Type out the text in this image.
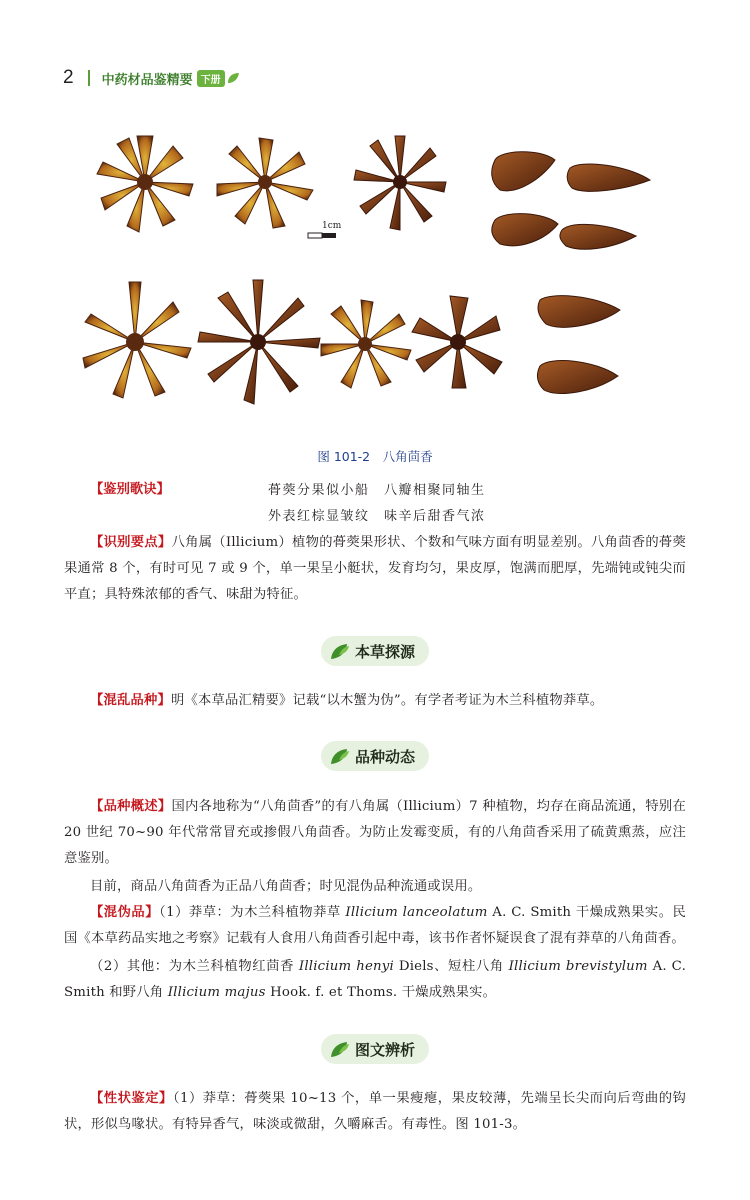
2 中药材品鉴精要 下册
1cm
图 101-2　八角茴香
【鉴别歌诀】	蓇葖分果似小船　八瓣相聚同轴生
外表红棕显皱纹　味辛后甜香气浓
【识别要点】八角属（Illicium）植物的蓇葖果形状、个数和气味方面有明显差别。八角茴香的蓇葖果通常 8 个，有时可见 7 或 9 个，单一果呈小艇状，发育均匀，果皮厚，饱满而肥厚，先端钝或钝尖而平直；具特殊浓郁的香气、味甜为特征。
本草探源
【混乱品种】明《本草品汇精要》记载“以木蟹为伪”。有学者考证为木兰科植物莽草。
品种动态
【品种概述】国内各地称为“八角茴香”的有八角属（Illicium）7 种植物，均存在商品流通，特别在 20 世纪 70~90 年代常常冒充或掺假八角茴香。为防止发霉变质，有的八角茴香采用了硫黄熏蒸，应注意鉴别。
目前，商品八角茴香为正品八角茴香；时见混伪品种流通或误用。
【混伪品】（1）莽草：为木兰科植物莽草 Illicium lanceolatum A. C. Smith 干燥成熟果实。民国《本草药品实地之考察》记载有人食用八角茴香引起中毒，该书作者怀疑误食了混有莽草的八角茴香。
（2）其他：为木兰科植物红茴香 Illicium henyi Diels、短柱八角 Illicium brevistylum A. C. Smith 和野八角 Illicium majus Hook. f. et Thoms. 干燥成熟果实。
图文辨析
【性状鉴定】（1）莽草：蓇葖果 10~13 个，单一果瘦瘪，果皮较薄，先端呈长尖而向后弯曲的钩状，形似鸟喙状。有特异香气，味淡或微甜，久嚼麻舌。有毒性。图 101-3。
